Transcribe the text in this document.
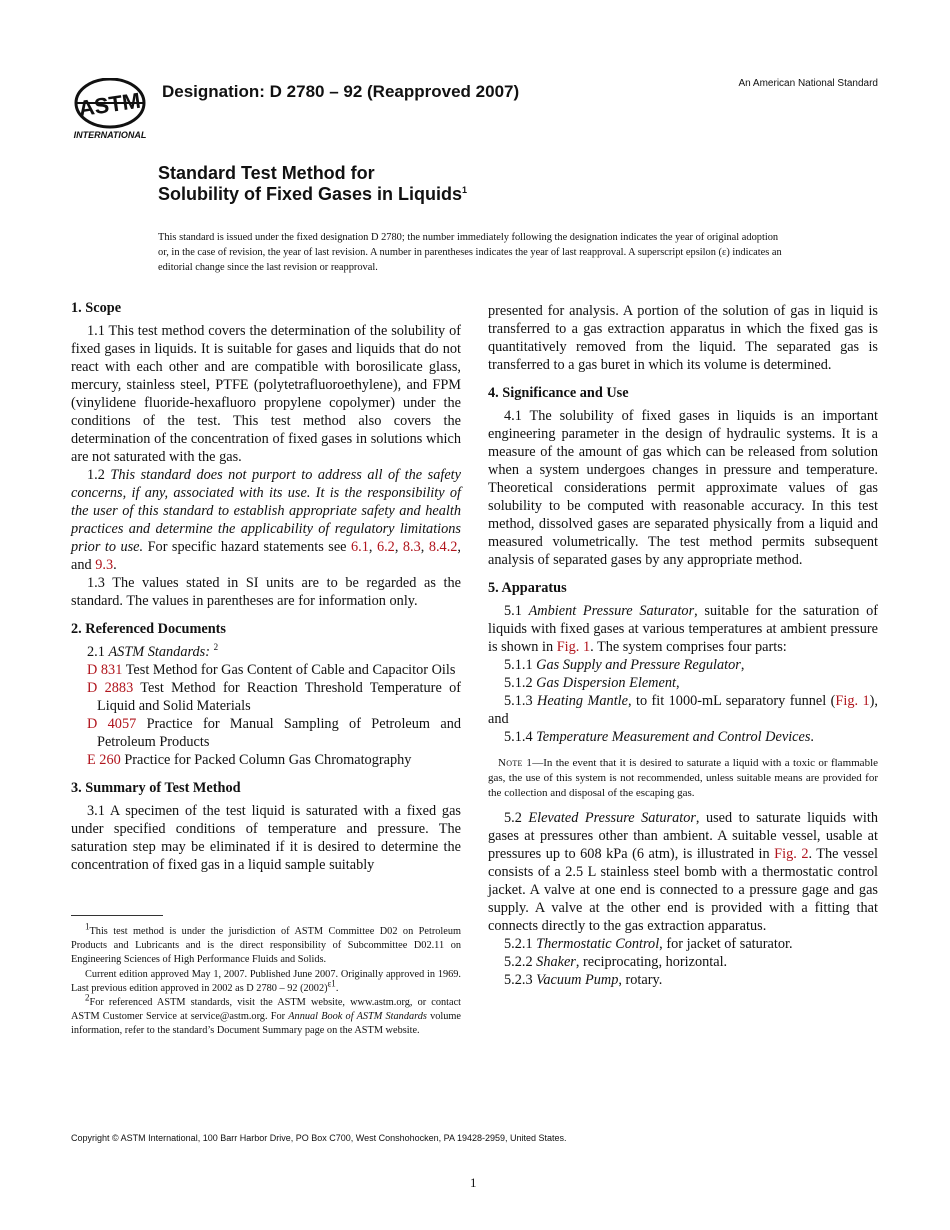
ASTM
INTERNATIONAL
Designation: D 2780 – 92 (Reapproved 2007)	An American National Standard
Standard Test Method for
Solubility of Fixed Gases in Liquids$^1$
This standard is issued under the fixed designation D 2780; the number immediately following the designation indicates the year of original adoption or, in the case of revision, the year of last revision. A number in parentheses indicates the year of last reapproval. A superscript epsilon (ε) indicates an editorial change since the last revision or reapproval.
1. Scope

1.1 This test method covers the determination of the solubility of fixed gases in liquids. It is suitable for gases and liquids that do not react with each other and are compatible with borosilicate glass, mercury, stainless steel, PTFE (polytetrafluoroethylene), and FPM (vinylidene fluoride-hexafluoro propylene copolymer) under the conditions of the test. This test method also covers the determination of the concentration of fixed gases in solutions which are not saturated with the gas.

1.2 This standard does not purport to address all of the safety concerns, if any, associated with its use. It is the responsibility of the user of this standard to establish appropriate safety and health practices and determine the applicability of regulatory limitations prior to use. For specific hazard statements see 6.1, 6.2, 8.3, 8.4.2, and 9.3.

1.3 The values stated in SI units are to be regarded as the standard. The values in parentheses are for information only.

2. Referenced Documents

2.1 ASTM Standards: $^2$

D 831 Test Method for Gas Content of Cable and Capacitor Oils
D 2883 Test Method for Reaction Threshold Temperature of Liquid and Solid Materials
D 4057 Practice for Manual Sampling of Petroleum and Petroleum Products
E 260 Practice for Packed Column Gas Chromatography
3. Summary of Test Method

3.1 A specimen of the test liquid is saturated with a fixed gas under specified conditions of temperature and pressure. The saturation step may be eliminated if it is desired to determine the concentration of fixed gas in a liquid sample suitably

$^1$This test method is under the jurisdiction of ASTM Committee D02 on Petroleum Products and Lubricants and is the direct responsibility of Subcommittee D02.11 on Engineering Sciences of High Performance Fluids and Solids.

Current edition approved May 1, 2007. Published June 2007. Originally approved in 1969. Last previous edition approved in 2002 as D 2780 – 92 $(2002)^{\varepsilon 1}$.

$^2$For referenced ASTM standards, visit the ASTM website, www.astm.org, or contact ASTM Customer Service at service@astm.org. For Annual Book of ASTM Standards volume information, refer to the standard’s Document Summary page on the ASTM website.

presented for analysis. A portion of the solution of gas in liquid is transferred to a gas extraction apparatus in which the fixed gas is quantitatively removed from the liquid. The separated gas is transferred to a gas buret in which its volume is determined.

4. Significance and Use

4.1 The solubility of fixed gases in liquids is an important engineering parameter in the design of hydraulic systems. It is a measure of the amount of gas which can be released from solution when a system undergoes changes in pressure and temperature. Theoretical considerations permit approximate values of gas solubility to be computed with reasonable accuracy. In this test method, dissolved gases are separated physically from a liquid and measured volumetrically. The test method permits subsequent analysis of separated gases by any appropriate method.

5. Apparatus

5.1 Ambient Pressure Saturator, suitable for the saturation of liquids with fixed gases at various temperatures at ambient pressure is shown in Fig. 1. The system comprises four parts:

5.1.1 Gas Supply and Pressure Regulator,

5.1.2 Gas Dispersion Element,

5.1.3 Heating Mantle, to fit 1000-mL separatory funnel (Fig. 1), and

5.1.4 Temperature Measurement and Control Devices.

Note 1—In the event that it is desired to saturate a liquid with a toxic or flammable gas, the use of this system is not recommended, unless suitable means are provided for the collection and disposal of the escaping gas.

5.2 Elevated Pressure Saturator, used to saturate liquids with gases at pressures other than ambient. A suitable vessel, usable at pressures up to 608 kPa (6 atm), is illustrated in Fig. 2. The vessel consists of a 2.5 L stainless steel bomb with a thermostatic control jacket. A valve at one end is connected to a pressure gage and gas supply. A valve at the other end is provided with a fitting that connects directly to the gas extraction apparatus.

5.2.1 Thermostatic Control, for jacket of saturator.

5.2.2 Shaker, reciprocating, horizontal.

5.2.3 Vacuum Pump, rotary.

Copyright © ASTM International, 100 Barr Harbor Drive, PO Box C700, West Conshohocken, PA 19428-2959, United States.
1
